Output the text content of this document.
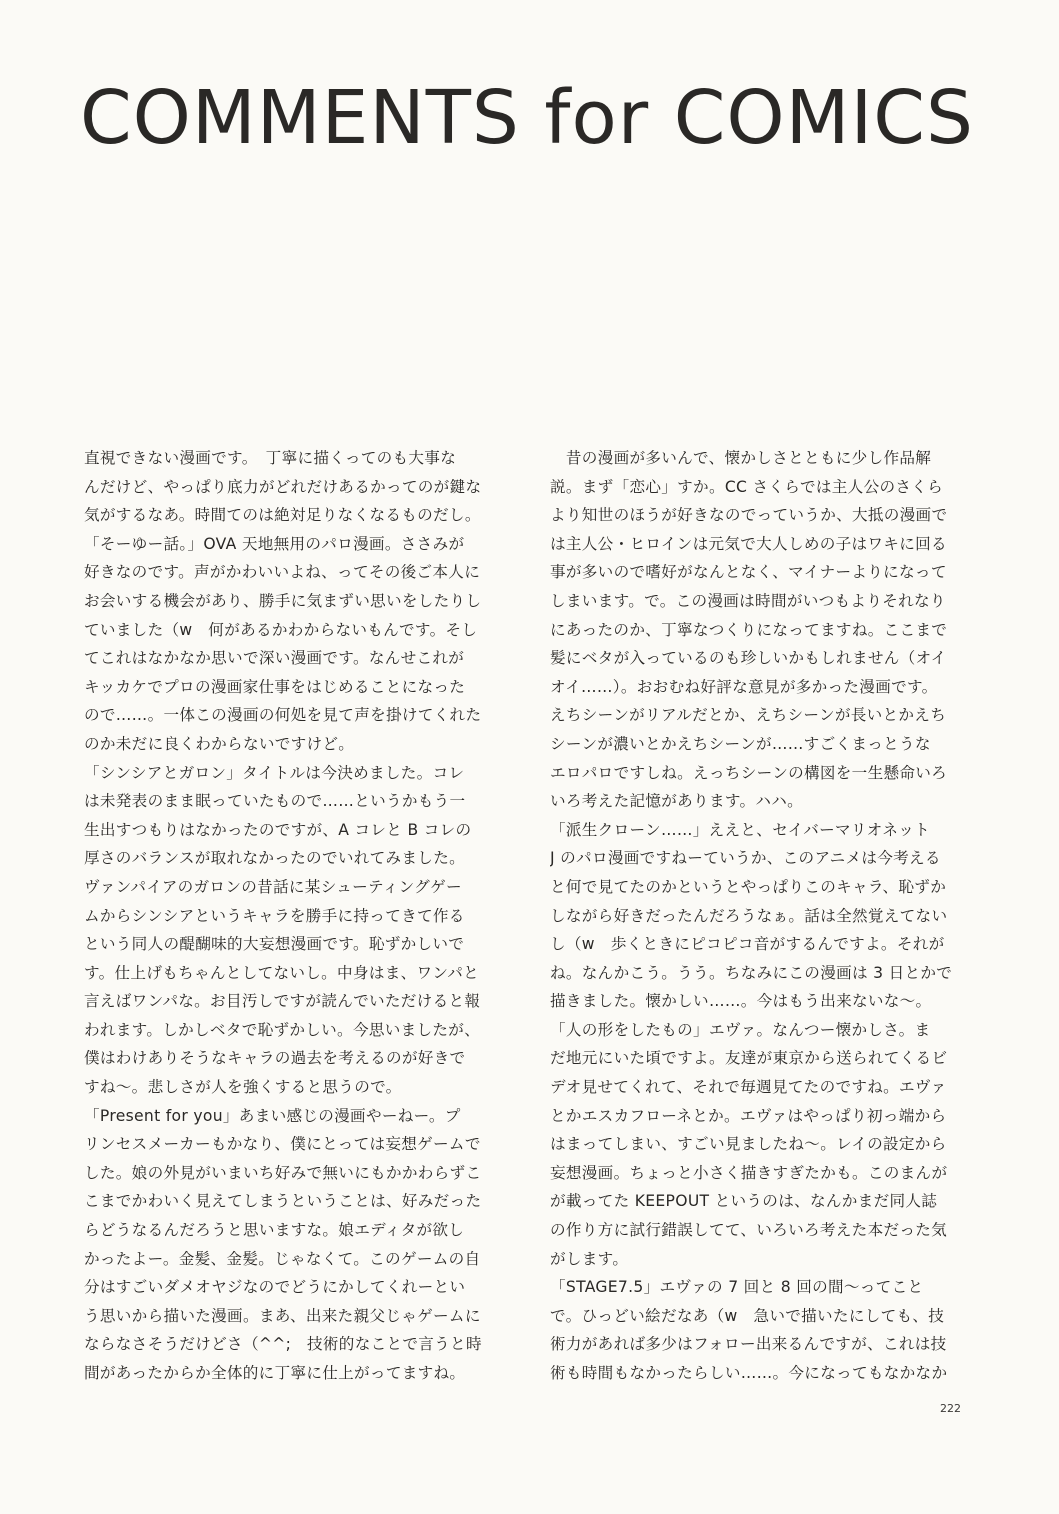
COMMENTS for COMICS
直視できない漫画です。　丁寧に描くってのも大事な
んだけど、やっぱり底力がどれだけあるかってのが鍵な
気がするなあ。時間てのは絶対足りなくなるものだし。
「そーゆー話。」OVA 天地無用のパロ漫画。ささみが
好きなのです。声がかわいいよね、ってその後ご本人に
お会いする機会があり、勝手に気まずい思いをしたりし
ていました（w　何があるかわからないもんです。そし
てこれはなかなか思いで深い漫画です。なんせこれが
キッカケでプロの漫画家仕事をはじめることになった
ので……。一体この漫画の何処を見て声を掛けてくれた
のか未だに良くわからないですけど。
「シンシアとガロン」タイトルは今決めました。コレ
は未発表のまま眠っていたもので……というかもう一
生出すつもりはなかったのですが、A コレと B コレの
厚さのバランスが取れなかったのでいれてみました。
ヴァンパイアのガロンの昔話に某シューティングゲー
ムからシンシアというキャラを勝手に持ってきて作る
という同人の醍醐味的大妄想漫画です。恥ずかしいで
す。仕上げもちゃんとしてないし。中身はま、ワンパと
言えばワンパな。お目汚しですが読んでいただけると報
われます。しかしベタで恥ずかしい。今思いましたが、
僕はわけありそうなキャラの過去を考えるのが好きで
すね〜。悲しさが人を強くすると思うので。
「Present for you」あまい感じの漫画やーねー。プ
リンセスメーカーもかなり、僕にとっては妄想ゲームで
した。娘の外見がいまいち好みで無いにもかかわらずこ
こまでかわいく見えてしまうということは、好みだった
らどうなるんだろうと思いますな。娘エディタが欲し
かったよー。金髪、金髪。じゃなくて。このゲームの自
分はすごいダメオヤジなのでどうにかしてくれーとい
う思いから描いた漫画。まあ、出来た親父じゃゲームに
ならなさそうだけどさ（^^;　技術的なことで言うと時
間があったからか全体的に丁寧に仕上がってますね。
　昔の漫画が多いんで、懐かしさとともに少し作品解
説。まず「恋心」すか。CC さくらでは主人公のさくら
より知世のほうが好きなのでっていうか、大抵の漫画で
は主人公・ヒロインは元気で大人しめの子はワキに回る
事が多いので嗜好がなんとなく、マイナーよりになって
しまいます。で。この漫画は時間がいつもよりそれなり
にあったのか、丁寧なつくりになってますね。ここまで
髪にベタが入っているのも珍しいかもしれません（オイ
オイ……）。おおむね好評な意見が多かった漫画です。
えちシーンがリアルだとか、えちシーンが長いとかえち
シーンが濃いとかえちシーンが……すごくまっとうな
エロパロですしね。えっちシーンの構図を一生懸命いろ
いろ考えた記憶があります。ハハ。
「派生クローン……」ええと、セイバーマリオネット
J のパロ漫画ですねーていうか、このアニメは今考える
と何で見てたのかというとやっぱりこのキャラ、恥ずか
しながら好きだったんだろうなぁ。話は全然覚えてない
し（w　歩くときにピコピコ音がするんですよ。それが
ね。なんかこう。うう。ちなみにこの漫画は 3 日とかで
描きました。懐かしい……。今はもう出来ないな〜。
「人の形をしたもの」エヴァ。なんつー懐かしさ。ま
だ地元にいた頃ですよ。友達が東京から送られてくるビ
デオ見せてくれて、それで毎週見てたのですね。エヴァ
とかエスカフローネとか。エヴァはやっぱり初っ端から
はまってしまい、すごい見ましたね〜。レイの設定から
妄想漫画。ちょっと小さく描きすぎたかも。このまんが
が載ってた KEEPOUT というのは、なんかまだ同人誌
の作り方に試行錯誤してて、いろいろ考えた本だった気
がします。
「STAGE7.5」エヴァの 7 回と 8 回の間〜ってこと
で。ひっどい絵だなあ（w　急いで描いたにしても、技
術力があれば多少はフォロー出来るんですが、これは技
術も時間もなかったらしい……。今になってもなかなか
222
